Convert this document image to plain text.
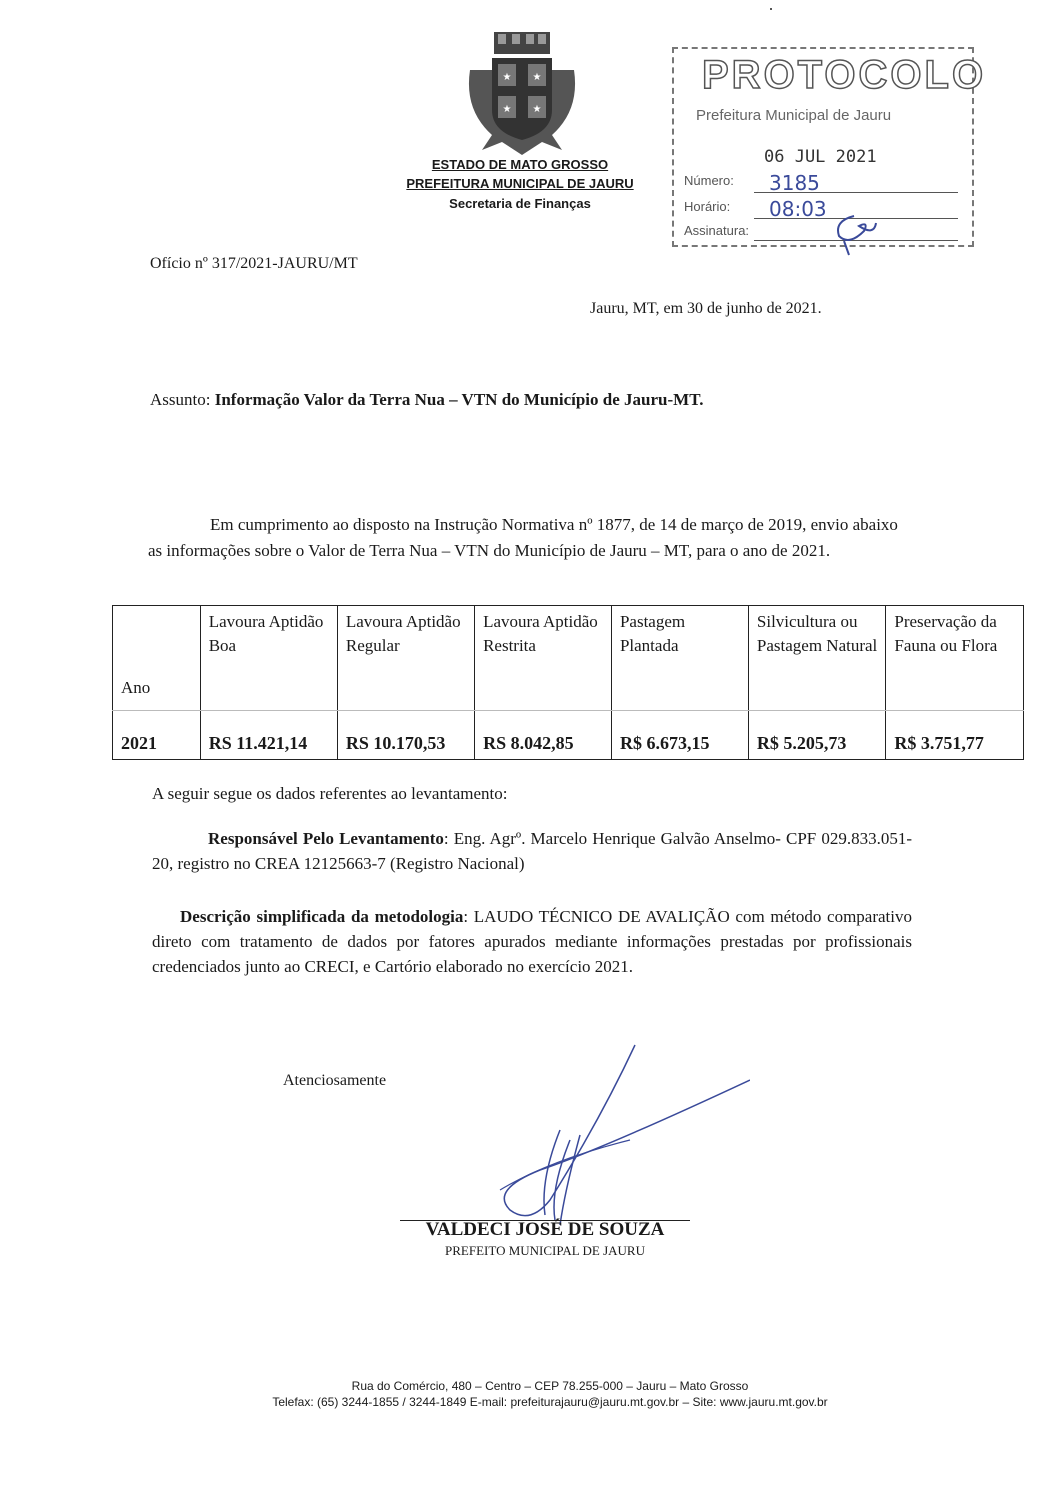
★ ★
★ ★
ESTADO DE MATO GROSSO
PREFEITURA MUNICIPAL DE JAURU
Secretaria de Finanças
PROTOCOLO
Prefeitura Municipal de Jauru
06 JUL 2021
Número: 3185
Horário: 08:03
Assinatura:
Ofício nº 317/2021-JAURU/MT
Jauru, MT, em 30 de junho de 2021.
Assunto: Informação Valor da Terra Nua – VTN do Município de Jauru-MT.
Em cumprimento ao disposto na Instrução Normativa nº 1877, de 14 de março de 2019, envio abaixo as informações sobre o Valor de Terra Nua – VTN do Município de Jauru – MT, para o ano de 2021.
Ano	Lavoura Aptidão Boa	Lavoura Aptidão Regular	Lavoura Aptidão Restrita	Pastagem Plantada	Silvicultura ou Pastagem Natural	Preservação da Fauna ou Flora
2021	RS 11.421,14	RS 10.170,53	RS 8.042,85	R$ 6.673,15	R$ 5.205,73	R$ 3.751,77
A seguir segue os dados referentes ao levantamento:
Responsável Pelo Levantamento: Eng. Agrº. Marcelo Henrique Galvão Anselmo- CPF 029.833.051-20, registro no CREA 12125663-7 (Registro Nacional)
Descrição simplificada da metodologia: LAUDO TÉCNICO DE AVALIÇÃO com método comparativo direto com tratamento de dados por fatores apurados mediante informações prestadas por profissionais credenciados junto ao CRECI, e Cartório elaborado no exercício 2021.
Atenciosamente
VALDECI JOSÉ DE SOUZA
PREFEITO MUNICIPAL DE JAURU
Rua do Comércio, 480 – Centro – CEP 78.255-000 – Jauru – Mato Grosso
Telefax: (65) 3244-1855 / 3244-1849 E-mail: prefeiturajauru@jauru.mt.gov.br – Site: www.jauru.mt.gov.br
